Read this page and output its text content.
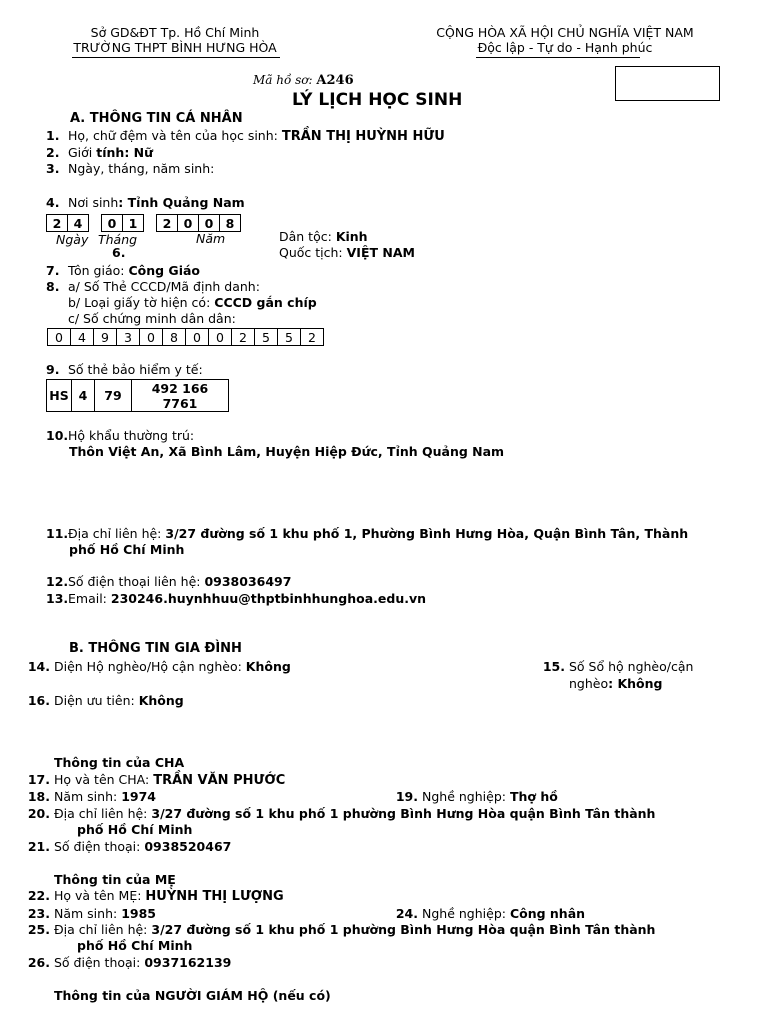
Sở GD&ĐT Tp. Hồ Chí Minh
TRƯỜNG THPT BÌNH HƯNG HÒA
CỘNG HÒA XÃ HỘI CHỦ NGHĨA VIỆT NAM
Độc lập - Tự do - Hạnh phúc
Mã hồ sơ: A246
LÝ LỊCH HỌC SINH
A. THÔNG TIN CÁ NHÂN
1. Họ, chữ đệm và tên của học sinh: TRẦN THỊ HUỲNH HỮU
2. Giới tính: Nữ
3. Ngày, tháng, năm sinh:
4. Nơi sinh: Tỉnh Quảng Nam
2	4		0	1		2	0	0	8
Ngày Tháng	Năm
6.
Dân tộc: Kinh
Quốc tịch: VIỆT NAM
7. Tôn giáo: Công Giáo
8. a/ Số Thẻ CCCD/Mã định danh:
b/ Loại giấy tờ hiện có: CCCD gắn chíp
c/ Số chứng minh dân dân:
0	4	9	3	0	8	0	0	2	5	5	2
9. Số thẻ bảo hiểm y tế:
HS	4	79	492 166
7761
10.Hộ khẩu thường trú:
Thôn Việt An, Xã Bình Lâm, Huyện Hiệp Đức, Tỉnh Quảng Nam
11.Địa chỉ liên hệ: 3/27 đường số 1 khu phố 1, Phường Bình Hưng Hòa, Quận Bình Tân, Thành
phố Hồ Chí Minh
12.Số điện thoại liên hệ: 0938036497
13.Email: 230246.huynhhuu@thptbinhhunghoa.edu.vn
B. THÔNG TIN GIA ĐÌNH
14. Diện Hộ nghèo/Hộ cận nghèo: Không	15. Số Sổ hộ nghèo/cận
nghèo: Không
16. Diện ưu tiên: Không
Thông tin của CHA
17. Họ và tên CHA: TRẦN VĂN PHƯỚC
18. Năm sinh: 1974	19. Nghề nghiệp: Thợ hồ
20. Địa chỉ liên hệ: 3/27 đường số 1 khu phố 1 phường Bình Hưng Hòa quận Bình Tân thành
phố Hồ Chí Minh
21. Số điện thoại: 0938520467
Thông tin của MẸ
22. Họ và tên MẸ: HUỲNH THỊ LƯỢNG
23. Năm sinh: 1985	24. Nghề nghiệp: Công nhân
25. Địa chỉ liên hệ: 3/27 đường số 1 khu phố 1 phường Bình Hưng Hòa quận Bình Tân thành
phố Hồ Chí Minh
26. Số điện thoại: 0937162139
Thông tin của NGƯỜI GIÁM HỘ (nếu có)
